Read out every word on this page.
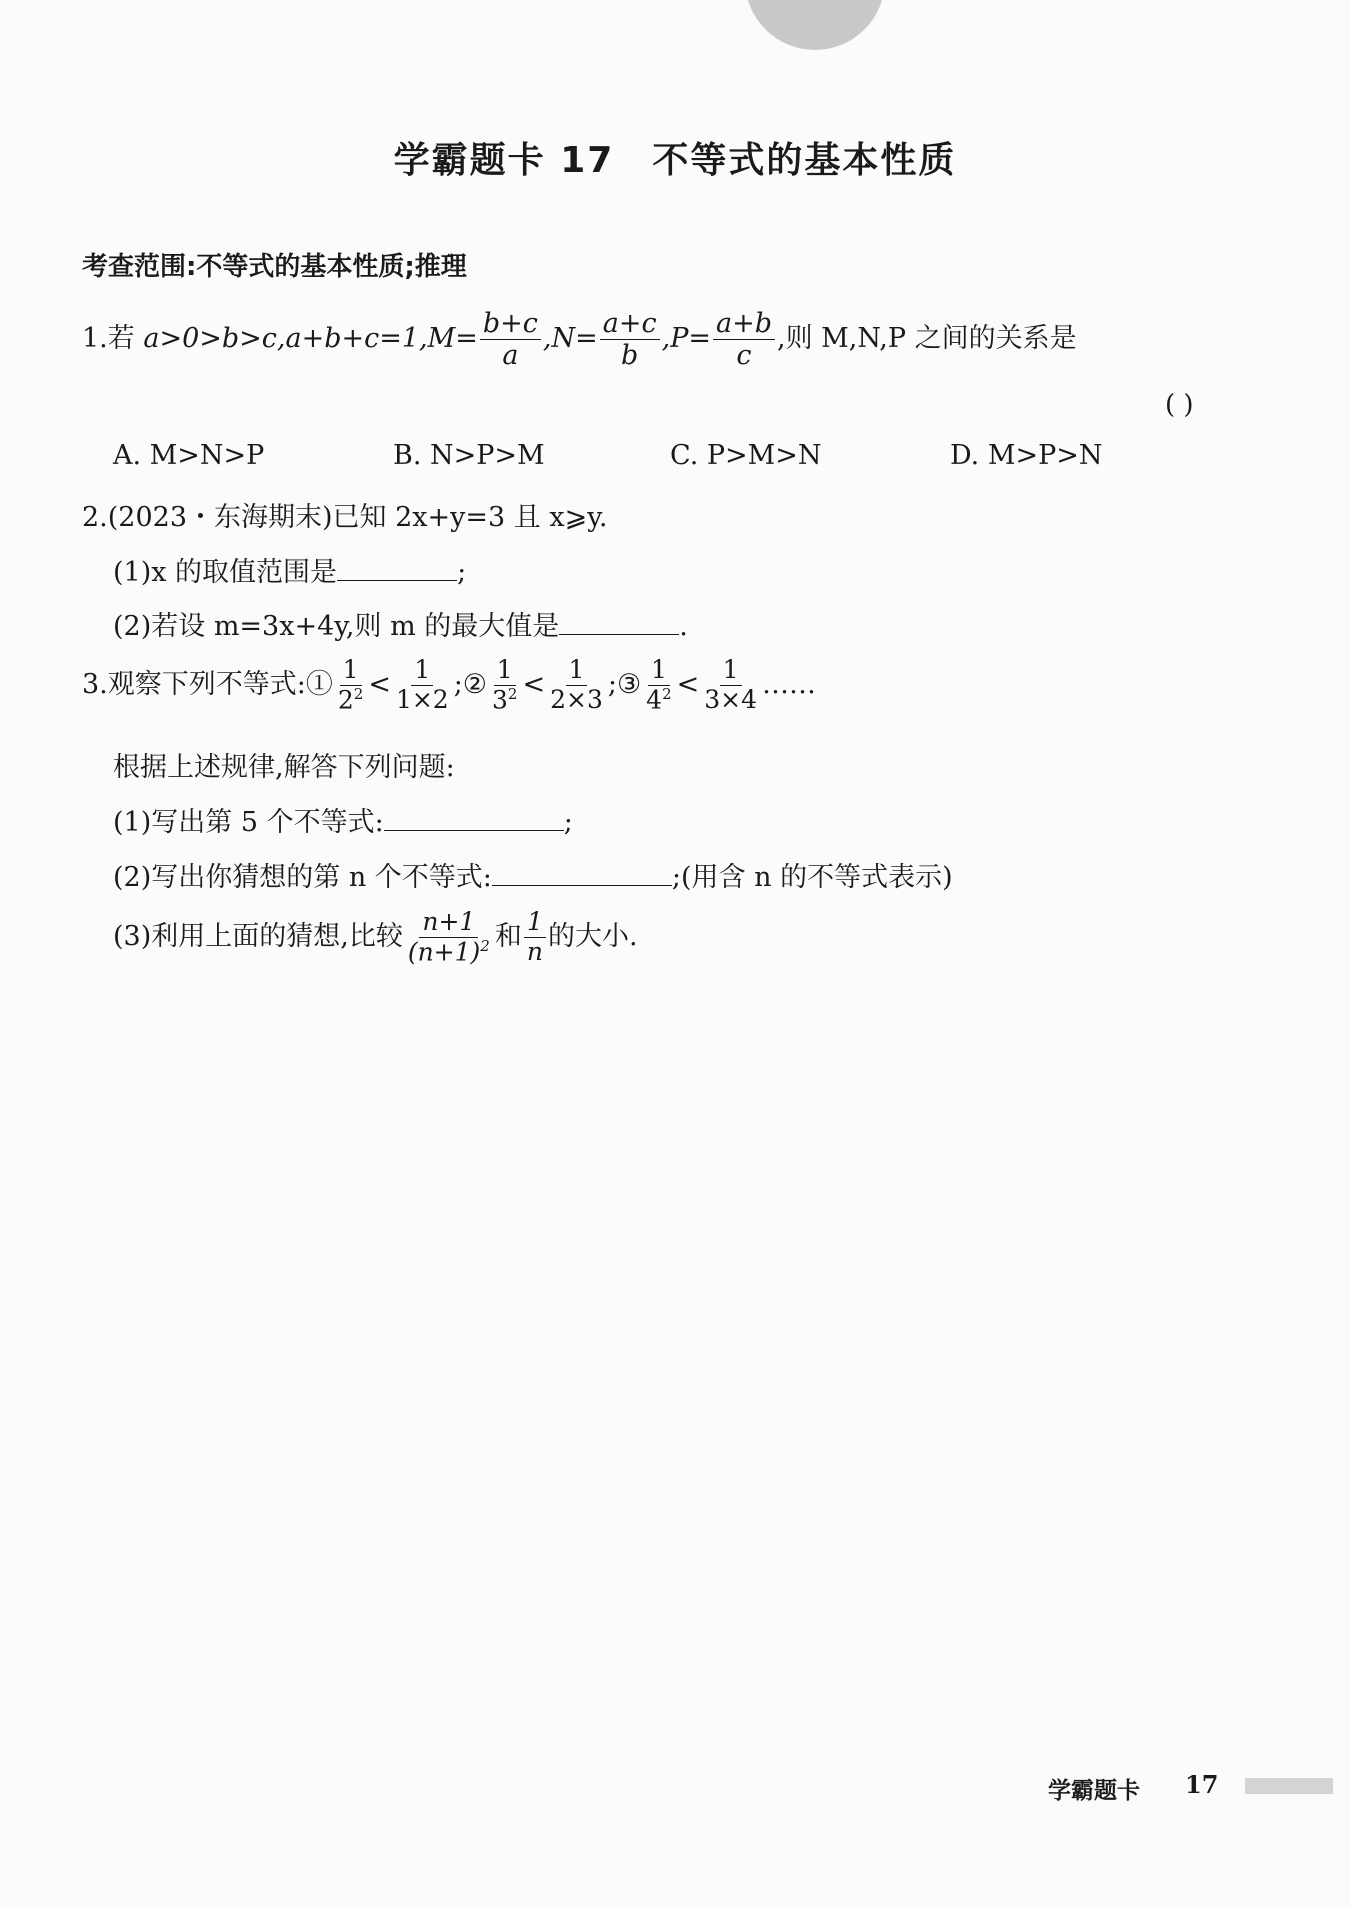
学霸题卡 17 不等式的基本性质
考查范围:不等式的基本性质;推理
1.若 $a>0>b>c,a+b+c=1,M= \frac{b+c}{a} ,N= \frac{a+c}{b} ,P= \frac{a+b}{c}$ ,则 M,N,P 之间的关系是
( )
A. M>N>P	B. N>P>M	C. P>M>N	D. M>P>N
2.(2023・东海期末)已知 2x+y=3 且 x⩾y.
(1)x 的取值范围是	;
(2)若设 m=3x+4y,则 m 的最大值是	.
3.观察下列不等式:① $\frac{1}{2^2} < \frac{1}{1\times 2}$ ;② $\frac{1}{3^2} < \frac{1}{2\times 3}$ ;③ $\frac{1}{4^2} < \frac{1}{3\times 4}$ ……
根据上述规律,解答下列问题:
(1)写出第 5 个不等式:	;
(2)写出你猜想的第 n 个不等式:	;(用含 n 的不等式表示)
(3)利用上面的猜想,比较 $\frac{n+1}{(n+1)^2}$ 和 $\frac{1}{n}$ 的大小.
学霸题卡 17
